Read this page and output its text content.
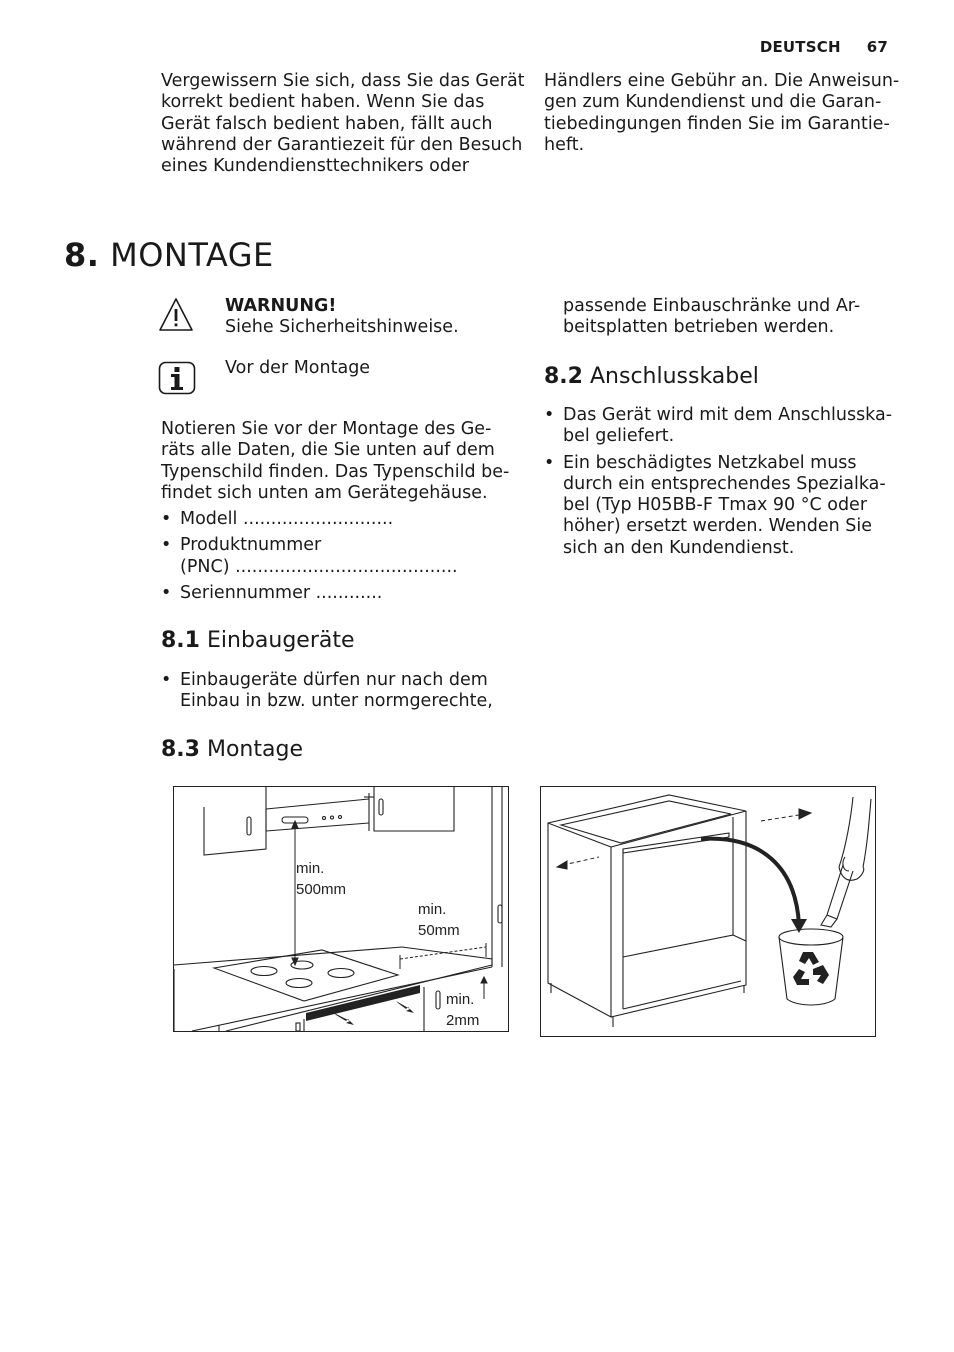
DEUTSCH 67
Vergewissern Sie sich, dass Sie das Gerät
korrekt bedient haben. Wenn Sie das
Gerät falsch bedient haben, fällt auch
während der Garantiezeit für den Besuch
eines Kundendiensttechnikers oder
Händlers eine Gebühr an. Die Anweisun-
gen zum Kundendienst und die Garan-
tiebedingungen finden Sie im Garantie-
heft.
8. MONTAGE
WARNUNG!
Siehe Sicherheitshinweise.
Vor der Montage
Notieren Sie vor der Montage des Ge-
räts alle Daten, die Sie unten auf dem
Typenschild finden. Das Typenschild be-
findet sich unten am Gerätegehäuse.
• Modell ...........................
• Produktnummer
(PNC) ........................................
• Seriennummer ............
8.1 Einbaugeräte
• Einbaugeräte dürfen nur nach dem
Einbau in bzw. unter normgerechte,
passende Einbauschränke und Ar-
beitsplatten betrieben werden.
8.2 Anschlusskabel
• Das Gerät wird mit dem Anschlusska-
bel geliefert.
• Ein beschädigtes Netzkabel muss
durch ein entsprechendes Spezialka-
bel (Typ H05BB-F Tmax 90 °C oder
höher) ersetzt werden. Wenden Sie
sich an den Kundendienst.
8.3 Montage
min.
500mm
min.
50mm
min.
2mm
